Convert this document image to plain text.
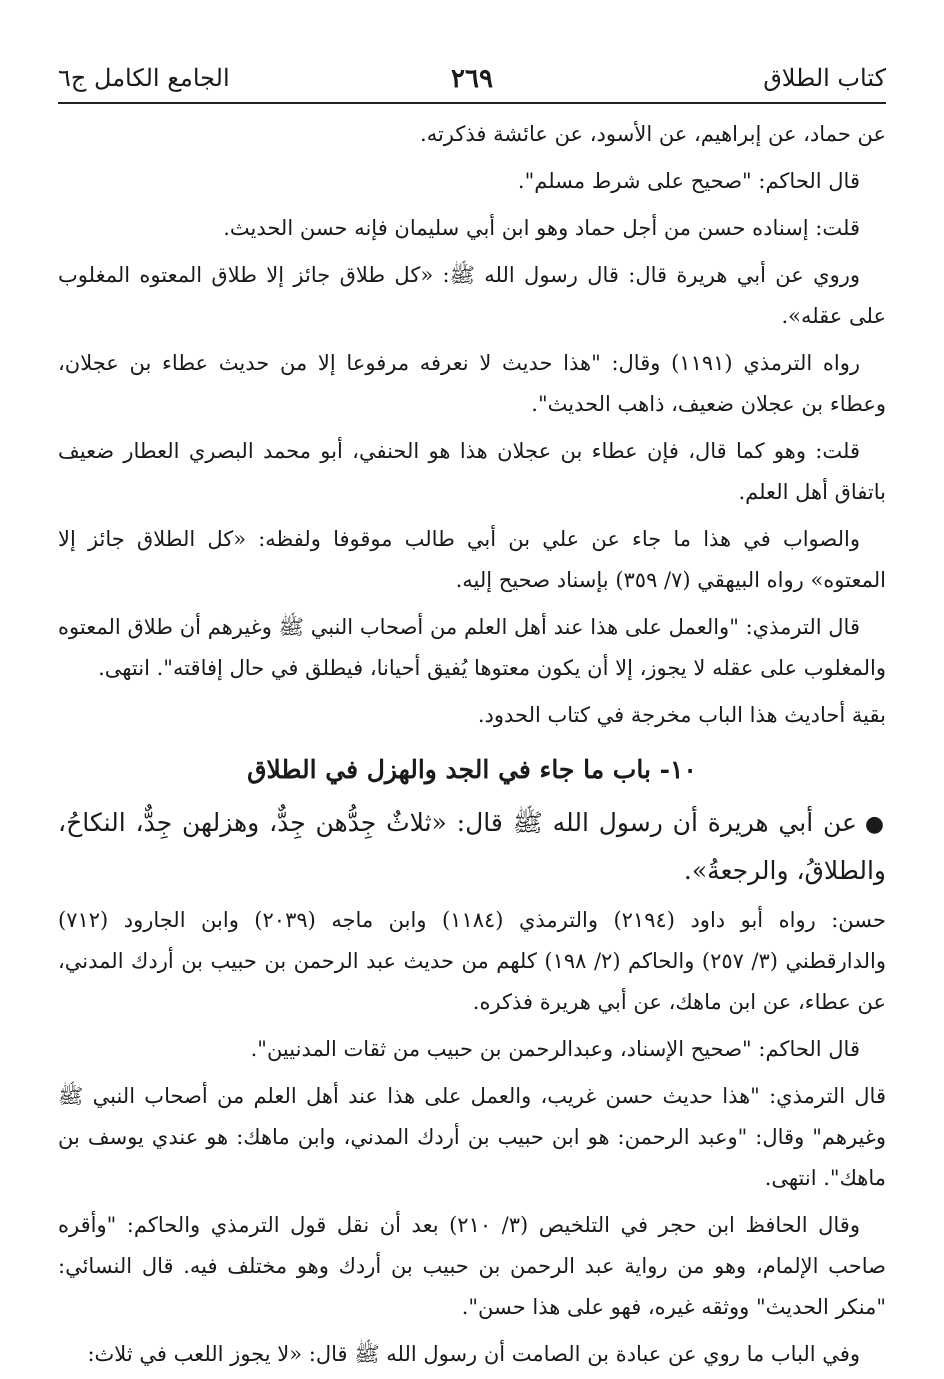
كتاب الطلاق
٢٦٩
الجامع الكامل ج٦

عن حماد، عن إبراهيم، عن الأسود، عن عائشة فذكرته.

قال الحاكم: "صحيح على شرط مسلم".

قلت: إسناده حسن من أجل حماد وهو ابن أبي سليمان فإنه حسن الحديث.

وروي عن أبي هريرة قال: قال رسول الله ﷺ: «كل طلاق جائز إلا طلاق المعتوه المغلوب على عقله».

رواه الترمذي (١١٩١) وقال: "هذا حديث لا نعرفه مرفوعا إلا من حديث عطاء بن عجلان، وعطاء بن عجلان ضعيف، ذاهب الحديث".

قلت: وهو كما قال، فإن عطاء بن عجلان هذا هو الحنفي، أبو محمد البصري العطار ضعيف باتفاق أهل العلم.

والصواب في هذا ما جاء عن علي بن أبي طالب موقوفا ولفظه: «كل الطلاق جائز إلا المعتوه» رواه البيهقي (٧/ ٣٥٩) بإسناد صحيح إليه.

قال الترمذي: "والعمل على هذا عند أهل العلم من أصحاب النبي ﷺ وغيرهم أن طلاق المعتوه والمغلوب على عقله لا يجوز، إلا أن يكون معتوها يُفيق أحيانا، فيطلق في حال إفاقته". انتهى.

بقية أحاديث هذا الباب مخرجة في كتاب الحدود.

١٠- باب ما جاء في الجد والهزل في الطلاق
●عن أبي هريرة أن رسول الله ﷺ قال: «ثلاثٌ جِدُّهن جِدٌّ، وهزلهن جِدٌّ، النكاحُ، والطلاقُ، والرجعةُ».

حسن: رواه أبو داود (٢١٩٤) والترمذي (١١٨٤) وابن ماجه (٢٠٣٩) وابن الجارود (٧١٢) والدارقطني (٣/ ٢٥٧) والحاكم (٢/ ١٩٨) كلهم من حديث عبد الرحمن بن حبيب بن أردك المدني، عن عطاء، عن ابن ماهك، عن أبي هريرة فذكره.

قال الحاكم: "صحيح الإسناد، وعبدالرحمن بن حبيب من ثقات المدنيين".

قال الترمذي: "هذا حديث حسن غريب، والعمل على هذا عند أهل العلم من أصحاب النبي ﷺ وغيرهم" وقال: "وعبد الرحمن: هو ابن حبيب بن أردك المدني، وابن ماهك: هو عندي يوسف بن ماهك". انتهى.

وقال الحافظ ابن حجر في التلخيص (٣/ ٢١٠) بعد أن نقل قول الترمذي والحاكم: "وأقره صاحب الإلمام، وهو من رواية عبد الرحمن بن حبيب بن أردك وهو مختلف فيه. قال النسائي: "منكر الحديث" ووثقه غيره، فهو على هذا حسن".

وفي الباب ما روي عن عبادة بن الصامت أن رسول الله ﷺ قال: «لا يجوز اللعب في ثلاث:
